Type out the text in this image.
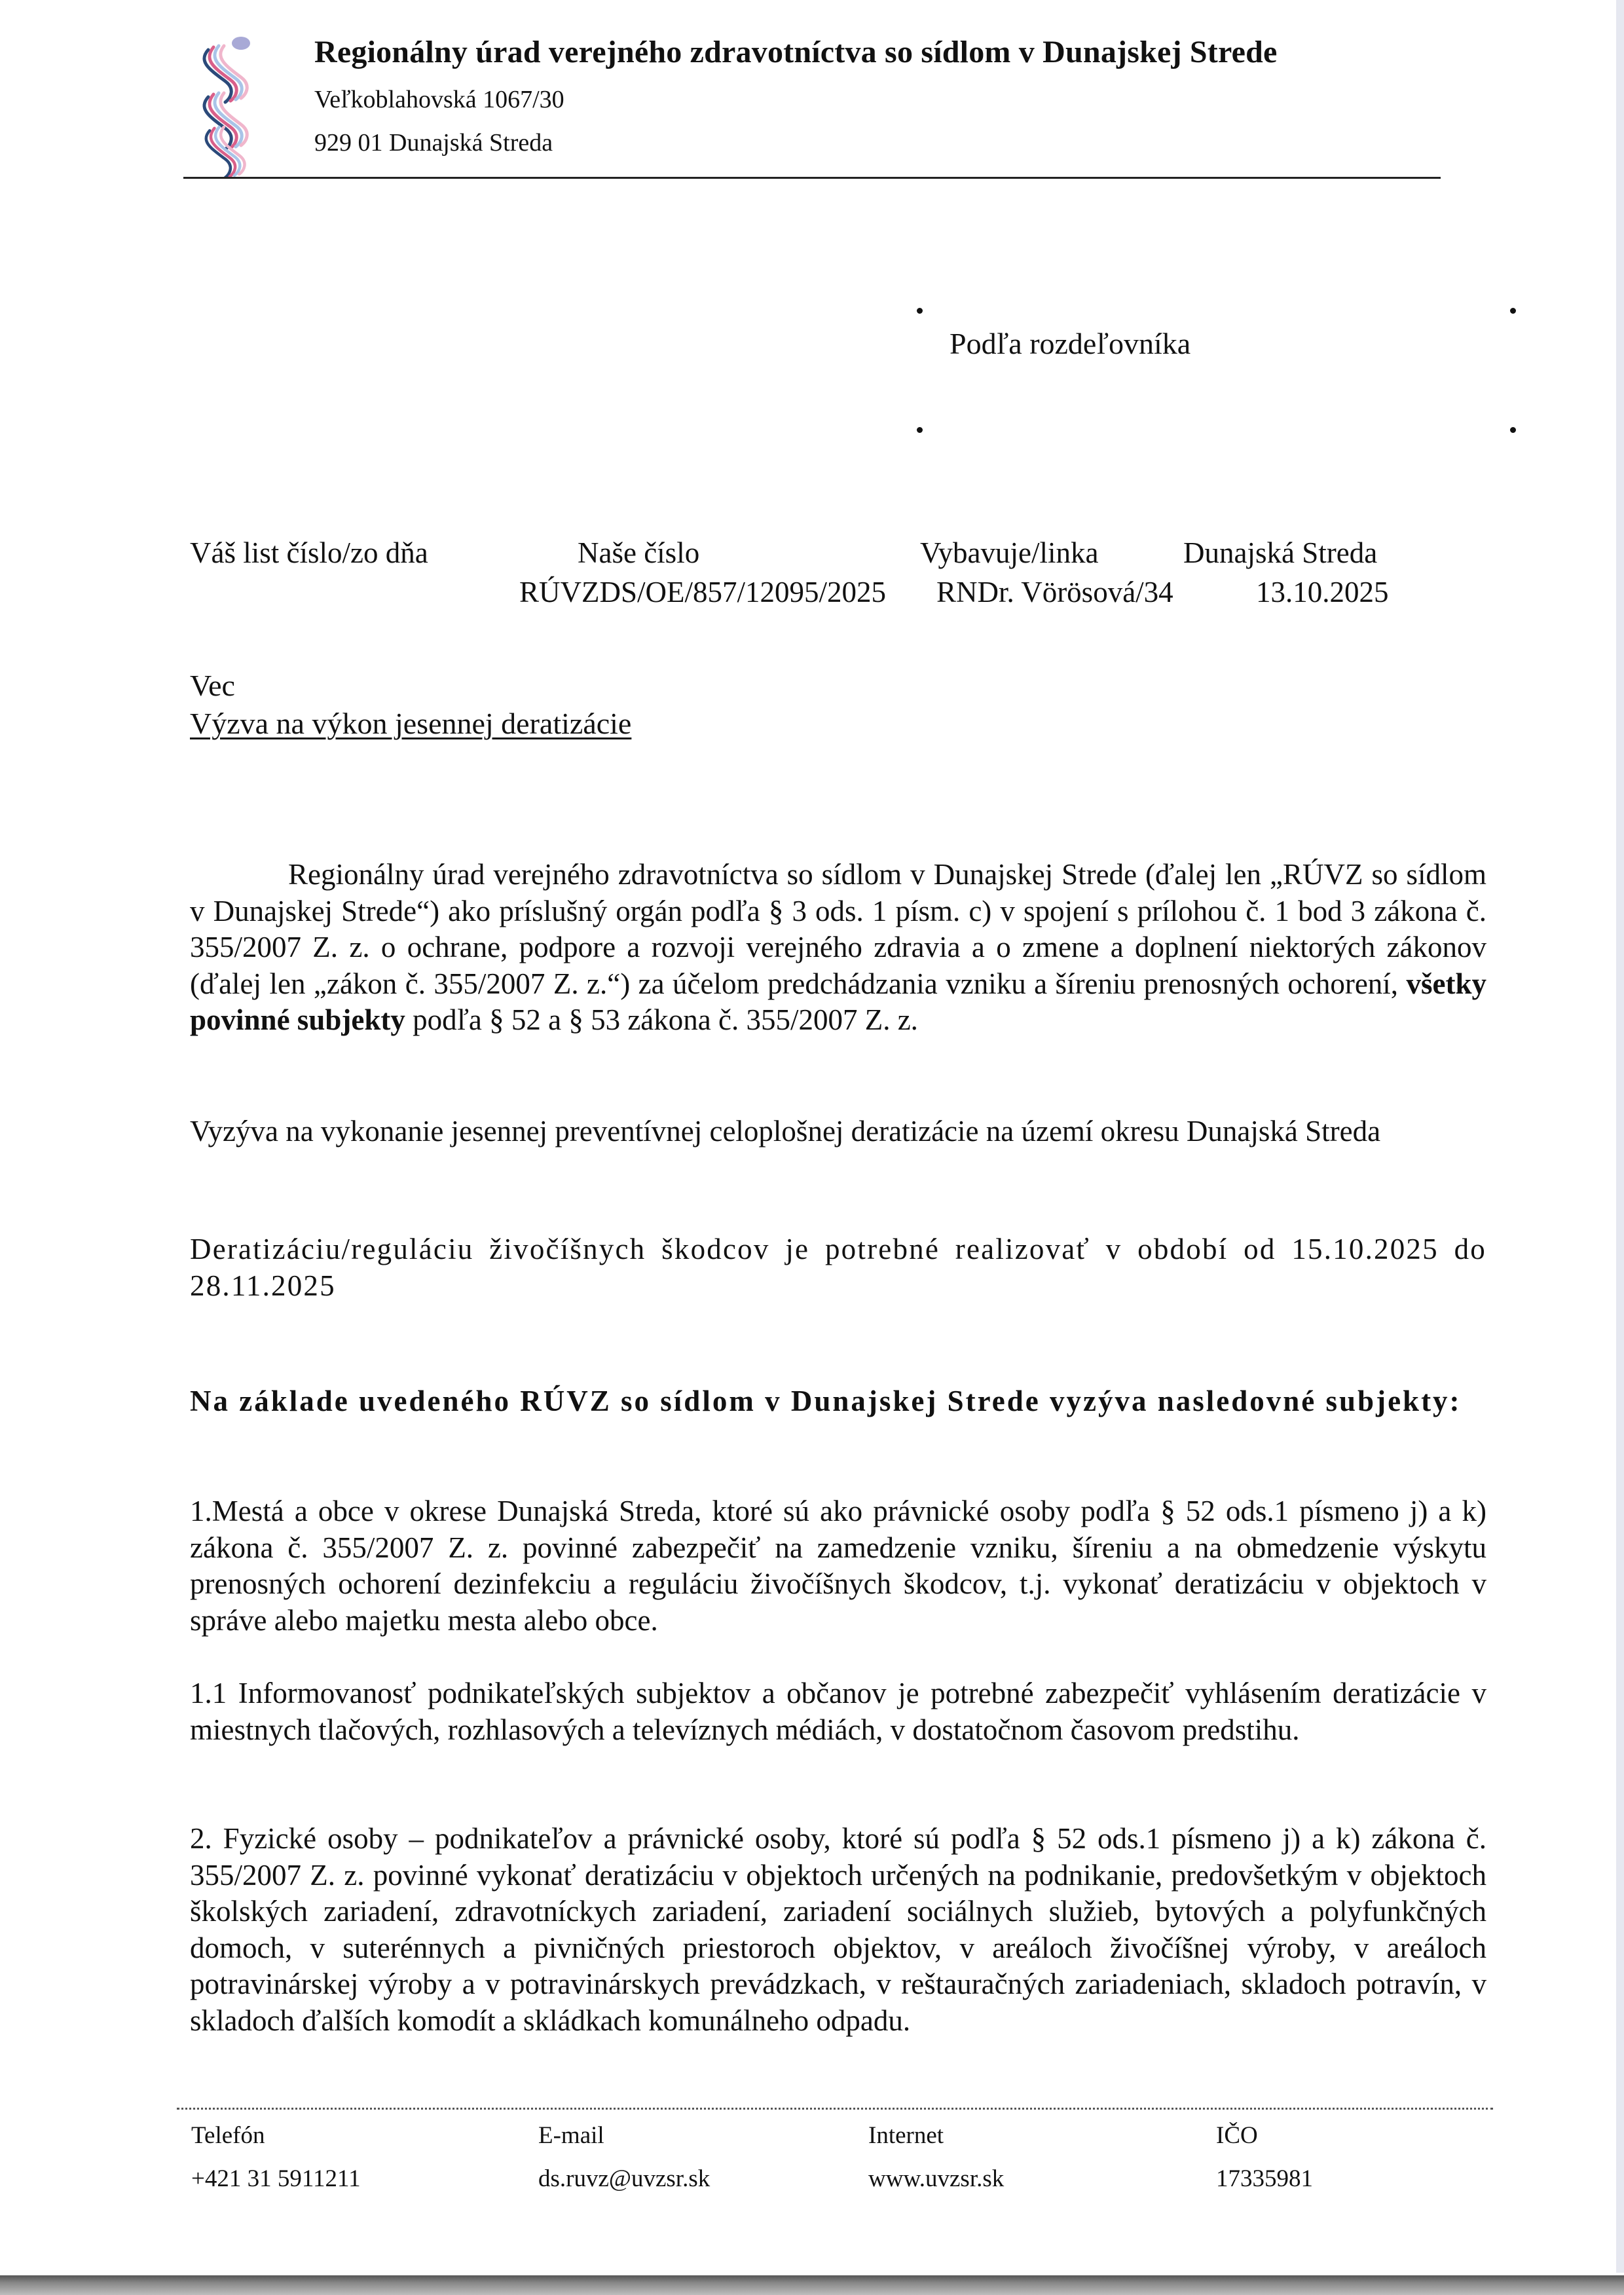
Regionálny úrad verejného zdravotníctva so sídlom v Dunajskej Strede
Veľkoblahovská 1067/30
929 01 Dunajská Streda
Podľa rozdeľovníka
Váš list číslo/zo dňa	Naše číslo
RÚVZDS/OE/857/12095/2025
Vybavuje/linka
RNDr. Vörösová/34
Dunajská Streda
13.10.2025
Vec
Výzva na výkon jesennej deratizácie
Regionálny úrad verejného zdravotníctva so sídlom v Dunajskej Strede (ďalej len „RÚVZ so sídlom v Dunajskej Strede“) ako príslušný orgán podľa § 3 ods. 1 písm. c) v spojení s prílohou č. 1 bod 3 zákona č. 355/2007 Z. z. o ochrane, podpore a rozvoji verejného zdravia a o zmene a doplnení niektorých zákonov (ďalej len „zákon č. 355/2007 Z. z.“) za účelom predchádzania vzniku a šíreniu prenosných ochorení, všetky povinné subjekty podľa § 52 a § 53 zákona č. 355/2007 Z. z.
Vyzýva na vykonanie jesennej preventívnej celoplošnej deratizácie na území okresu Dunajská Streda
Deratizáciu/reguláciu živočíšnych škodcov je potrebné realizovať v období od 15.10.2025 do 28.11.2025
Na základe uvedeného RÚVZ so sídlom v Dunajskej Strede vyzýva nasledovné subjekty:
1.Mestá a obce v okrese Dunajská Streda, ktoré sú ako právnické osoby podľa § 52 ods.1 písmeno j) a k) zákona č. 355/2007 Z. z. povinné zabezpečiť na zamedzenie vzniku, šíreniu a na obmedzenie výskytu prenosných ochorení dezinfekciu a reguláciu živočíšnych škodcov, t.j. vykonať deratizáciu v objektoch v správe alebo majetku mesta alebo obce.
1.1 Informovanosť podnikateľských subjektov a občanov je potrebné zabezpečiť vyhlásením deratizácie v miestnych tlačových, rozhlasových a televíznych médiách, v dostatočnom časovom predstihu.
2. Fyzické osoby – podnikateľov a právnické osoby, ktoré sú podľa § 52 ods.1 písmeno j) a k) zákona č. 355/2007 Z. z. povinné vykonať deratizáciu v objektoch určených na podnikanie, predovšetkým v objektoch školských zariadení, zdravotníckych zariadení, zariadení sociálnych služieb, bytových a polyfunkčných domoch, v suterénnych a pivničných priestoroch objektov, v areáloch živočíšnej výroby, v areáloch potravinárskej výroby a v potravinárskych prevádzkach, v reštauračných zariadeniach, skladoch potravín, v skladoch ďalších komodít a skládkach komunálneho odpadu.
Telefón
+421 31 5911211
E-mail
ds.ruvz@uvzsr.sk
Internet
www.uvzsr.sk
IČO
17335981
